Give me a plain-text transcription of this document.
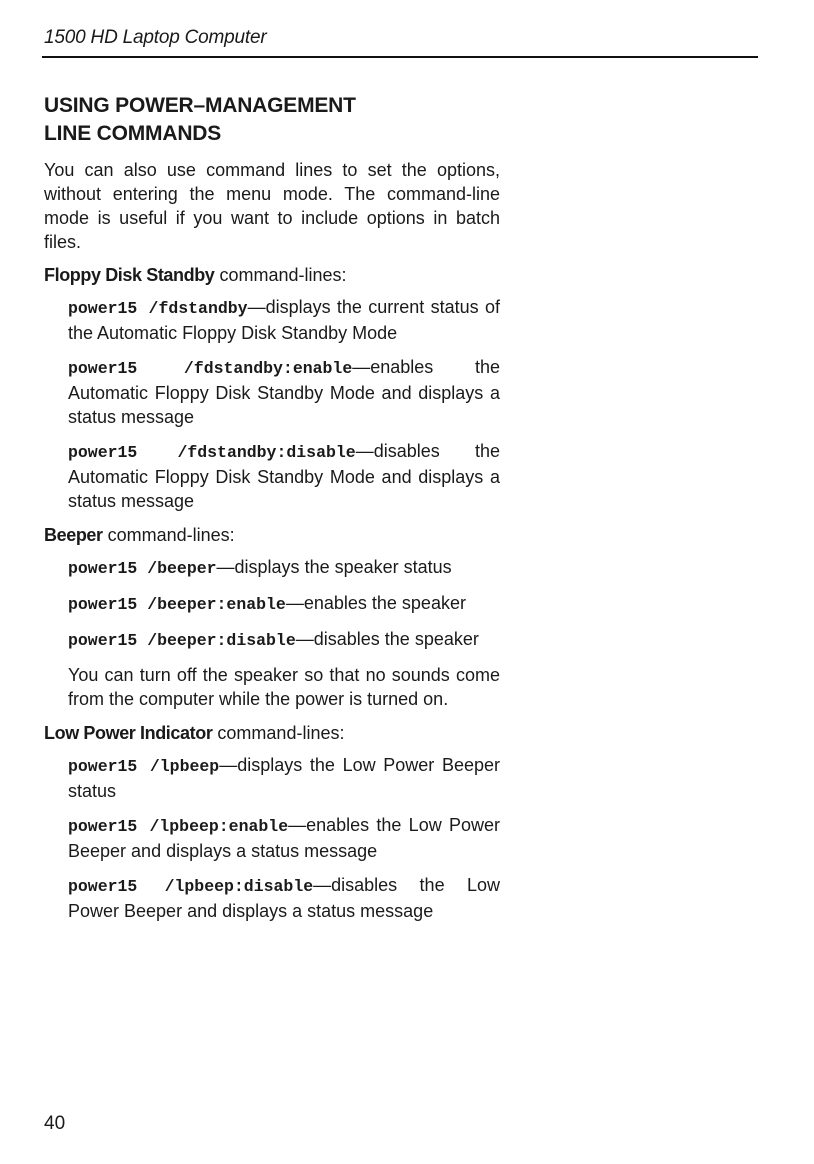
1500 HD Laptop Computer
USING POWER–MANAGEMENT
LINE COMMANDS

You can also use command lines to set the options, without entering the menu mode. The command-line mode is useful if you want to include options in batch files.

Floppy Disk Standby command-lines:

power15 /fdstandby—displays the current status of the Automatic Floppy Disk Standby Mode

power15 /fdstandby:enable—enables the Automatic Floppy Disk Standby Mode and displays a status message

power15 /fdstandby:disable—disables the Automatic Floppy Disk Standby Mode and displays a status message

Beeper command-lines:

power15 /beeper—displays the speaker status

power15 /beeper:enable—enables the speaker

power15 /beeper:disable—disables the speaker

You can turn off the speaker so that no sounds come from the computer while the power is turned on.

Low Power Indicator command-lines:

power15 /lpbeep—displays the Low Power Beeper status

power15 /lpbeep:enable—enables the Low Power Beeper and displays a status message

power15 /lpbeep:disable—disables the Low Power Beeper and displays a status message

40
